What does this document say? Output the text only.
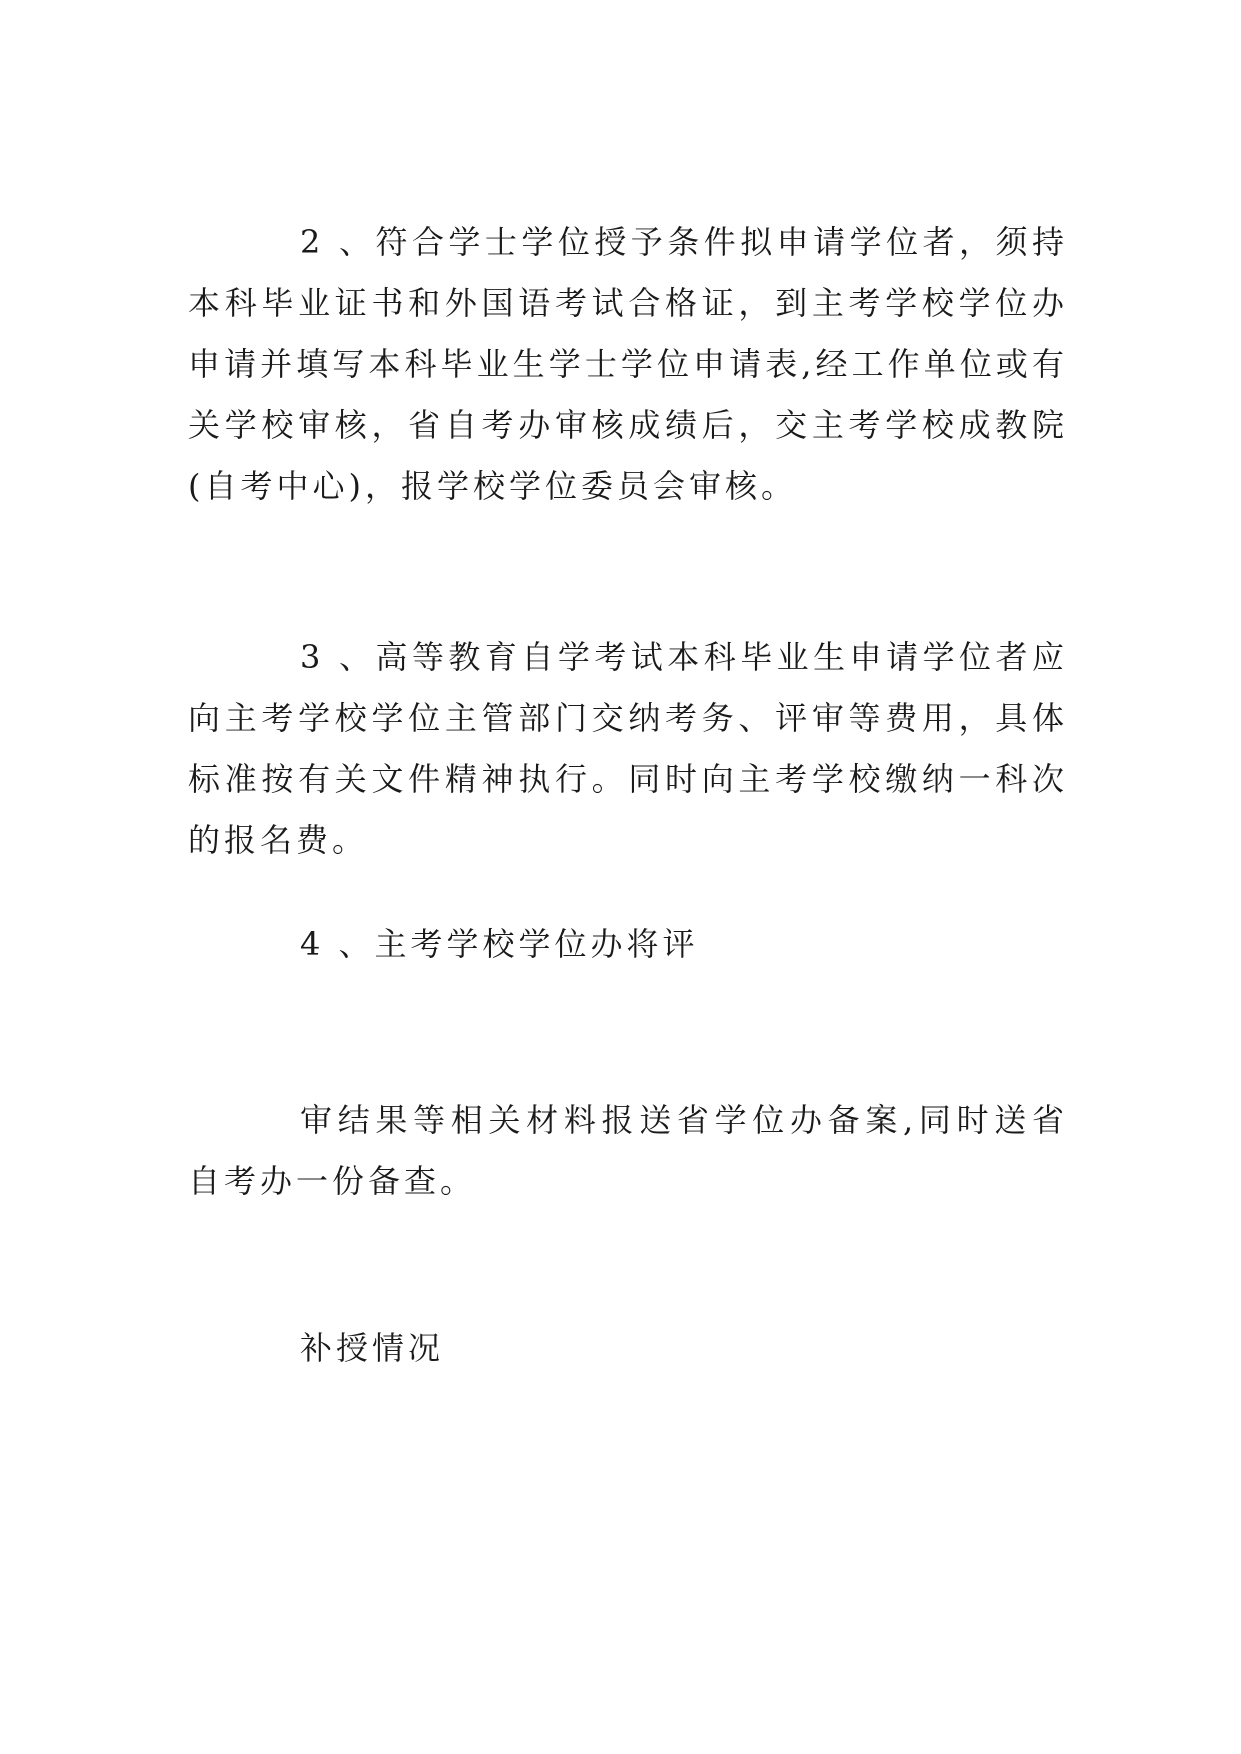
2 、符合学士学位授予条件拟申请学位者，须持本科毕业证书和外国语考试合格证，到主考学校学位办申请并填写本科毕业生学士学位申请表,经工作单位或有关学校审核，省自考办审核成绩后，交主考学校成教院(自考中心)，报学校学位委员会审核。

3 、高等教育自学考试本科毕业生申请学位者应向主考学校学位主管部门交纳考务、评审等费用，具体标准按有关文件精神执行。同时向主考学校缴纳一科次的报名费。

4 、主考学校学位办将评

审结果等相关材料报送省学位办备案,同时送省自考办一份备查。

补授情况
